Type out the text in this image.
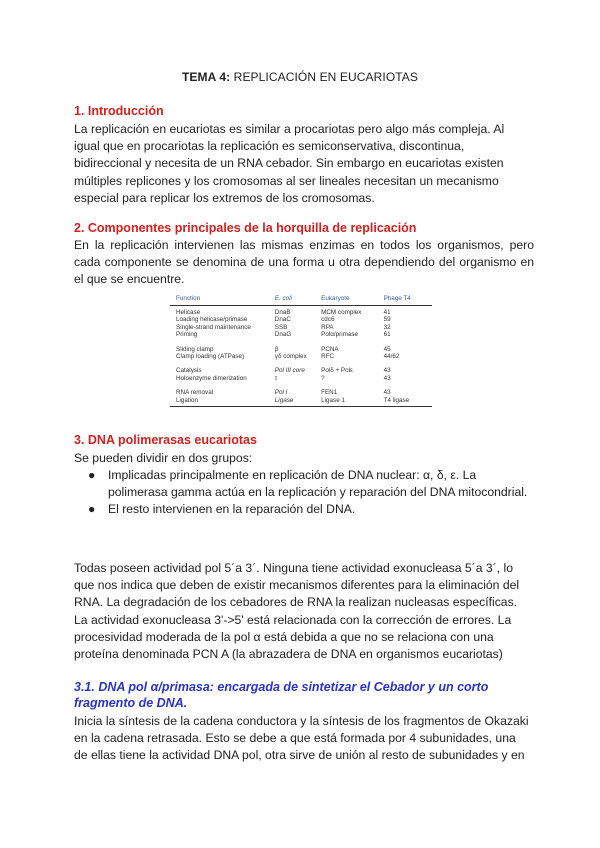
TEMA 4: REPLICACIÓN EN EUCARIOTAS
1. Introducción
La replicación en eucariotas es similar a procariotas pero algo más compleja. Al
igual que en procariotas la replicación es semiconservativa, discontinua,
bidireccional y necesita de un RNA cebador. Sin embargo en eucariotas existen
múltiples replicones y los cromosomas al ser lineales necesitan un mecanismo
especial para replicar los extremos de los cromosomas.
2. Componentes principales de la horquilla de replicación
En la replicación intervienen las mismas enzimas en todos los organismos, pero cada componente se denomina de una forma u otra dependiendo del organismo en el que se encuentre.
Function	E. coli	Eukaryote	Phage T4
Helicase	DnaB	MCM complex	41
Loading helicase/primase	DnaC	cdc6	59
Single-strand maintenance	SSB	RPA	32
Priming	DnaG	Polα/primase	61

Sliding clamp	β	PCNA	45
Clamp loading (ATPase)	γδ complex	RFC	44/62

Catalysis	Pol III core	Polδ + Polε	43
Holoenzyme dimerization	τ	?	43

RNA removal	Pol I	FEN1	43
Ligation	Ligase	Ligase 1	T4 ligase
3. DNA polimerasas eucariotas
Se pueden dividir en dos grupos:
● Implicadas principalmente en replicación de DNA nuclear: α, δ, ε. La
polimerasa gamma actúa en la replicación y reparación del DNA mitocondrial.
● El resto intervienen en la reparación del DNA.
Todas poseen actividad pol 5´a 3´. Ninguna tiene actividad exonucleasa 5´a 3´, lo
que nos indica que deben de existir mecanismos diferentes para la eliminación del
RNA. La degradación de los cebadores de RNA la realizan nucleasas específicas.
La actividad exonucleasa 3'->5' está relacionada con la corrección de errores. La
procesividad moderada de la pol α está debida a que no se relaciona con una
proteína denominada PCN A (la abrazadera de DNA en organismos eucariotas)
3.1. DNA pol α/primasa: encargada de sintetizar el Cebador y un corto
fragmento de DNA.
Inicia la síntesis de la cadena conductora y la síntesis de los fragmentos de Okazaki
en la cadena retrasada. Esto se debe a que está formada por 4 subunidades, una
de ellas tiene la actividad DNA pol, otra sirve de unión al resto de subunidades y en
